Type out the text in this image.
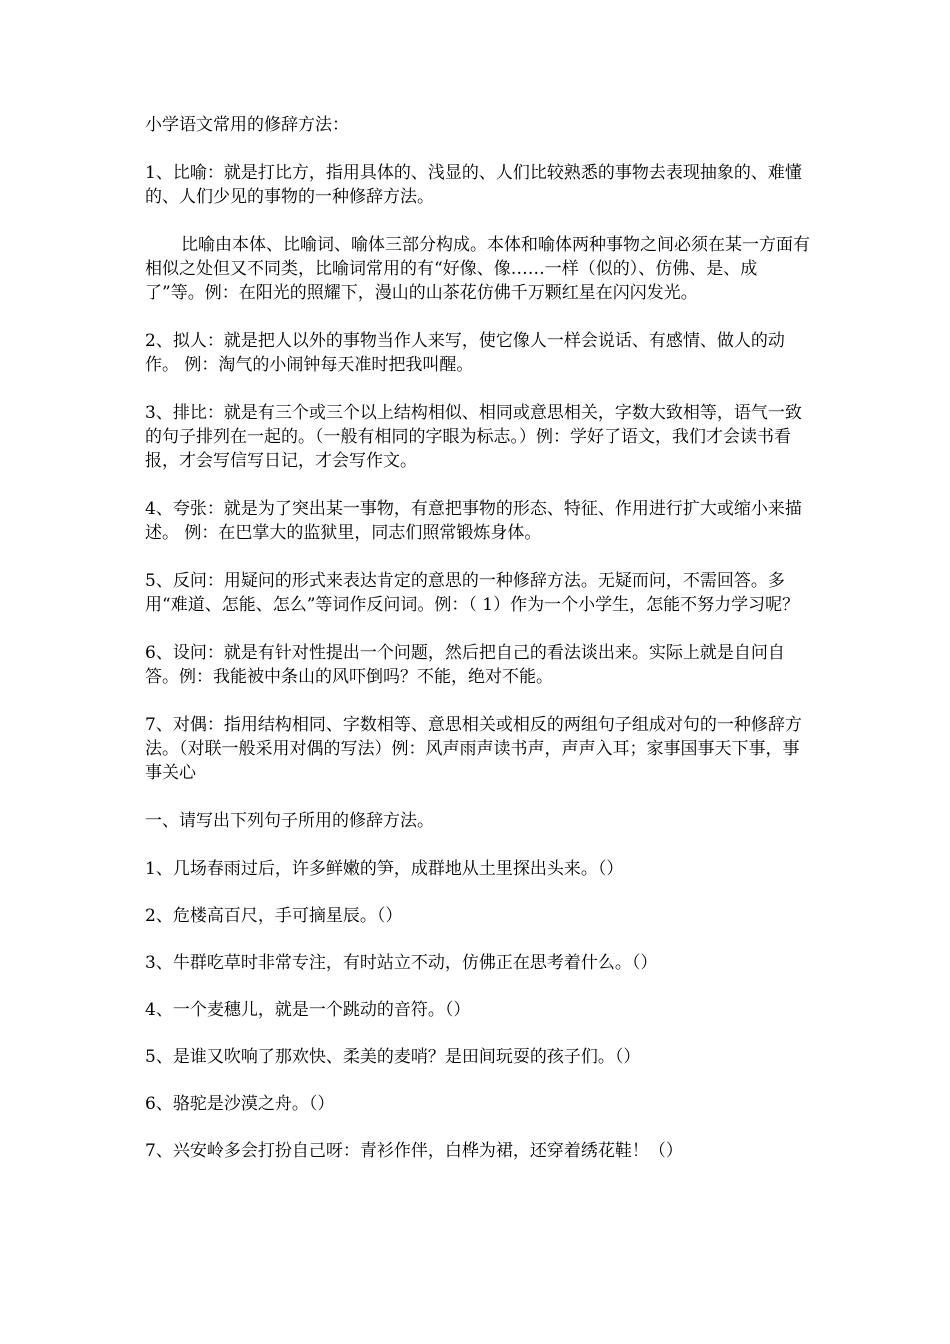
小学语文常用的修辞方法：
1、比喻：就是打比方，指用具体的、浅显的、人们比较熟悉的事物去表现抽象的、难懂的、人们少见的事物的一种修辞方法。
比喻由本体、比喻词、喻体三部分构成。本体和喻体两种事物之间必须在某一方面有相似之处但又不同类，比喻词常用的有“好像、像……一样（似的）、仿佛、是、成了”等。例：在阳光的照耀下，漫山的山茶花仿佛千万颗红星在闪闪发光。
2、拟人：就是把人以外的事物当作人来写，使它像人一样会说话、有感情、做人的动作。 例：淘气的小闹钟每天准时把我叫醒。
3、排比：就是有三个或三个以上结构相似、相同或意思相关，字数大致相等，语气一致的句子排列在一起的。（一般有相同的字眼为标志。）例：学好了语文，我们才会读书看报，才会写信写日记，才会写作文。
4、夸张：就是为了突出某一事物，有意把事物的形态、特征、作用进行扩大或缩小来描述。 例：在巴掌大的监狱里，同志们照常锻炼身体。
5、反问：用疑问的形式来表达肯定的意思的一种修辞方法。无疑而问，不需回答。多用“难道、怎能、怎么”等词作反问词。例：（ 1）作为一个小学生，怎能不努力学习呢？
6、设问：就是有针对性提出一个问题，然后把自己的看法谈出来。实际上就是自问自答。例：我能被中条山的风吓倒吗？不能，绝对不能。
7、对偶：指用结构相同、字数相等、意思相关或相反的两组句子组成对句的一种修辞方法。（对联一般采用对偶的写法）例：风声雨声读书声，声声入耳；家事国事天下事，事事关心
一、请写出下列句子所用的修辞方法。
1、几场春雨过后，许多鲜嫩的笋，成群地从土里探出头来。（）
2、危楼高百尺，手可摘星辰。（）
3、牛群吃草时非常专注，有时站立不动，仿佛正在思考着什么。（）
4、一个麦穗儿，就是一个跳动的音符。（）
5、是谁又吹响了那欢快、柔美的麦哨？是田间玩耍的孩子们。（）
6、骆驼是沙漠之舟。（）
7、兴安岭多会打扮自己呀：青衫作伴，白桦为裙，还穿着绣花鞋！（）
